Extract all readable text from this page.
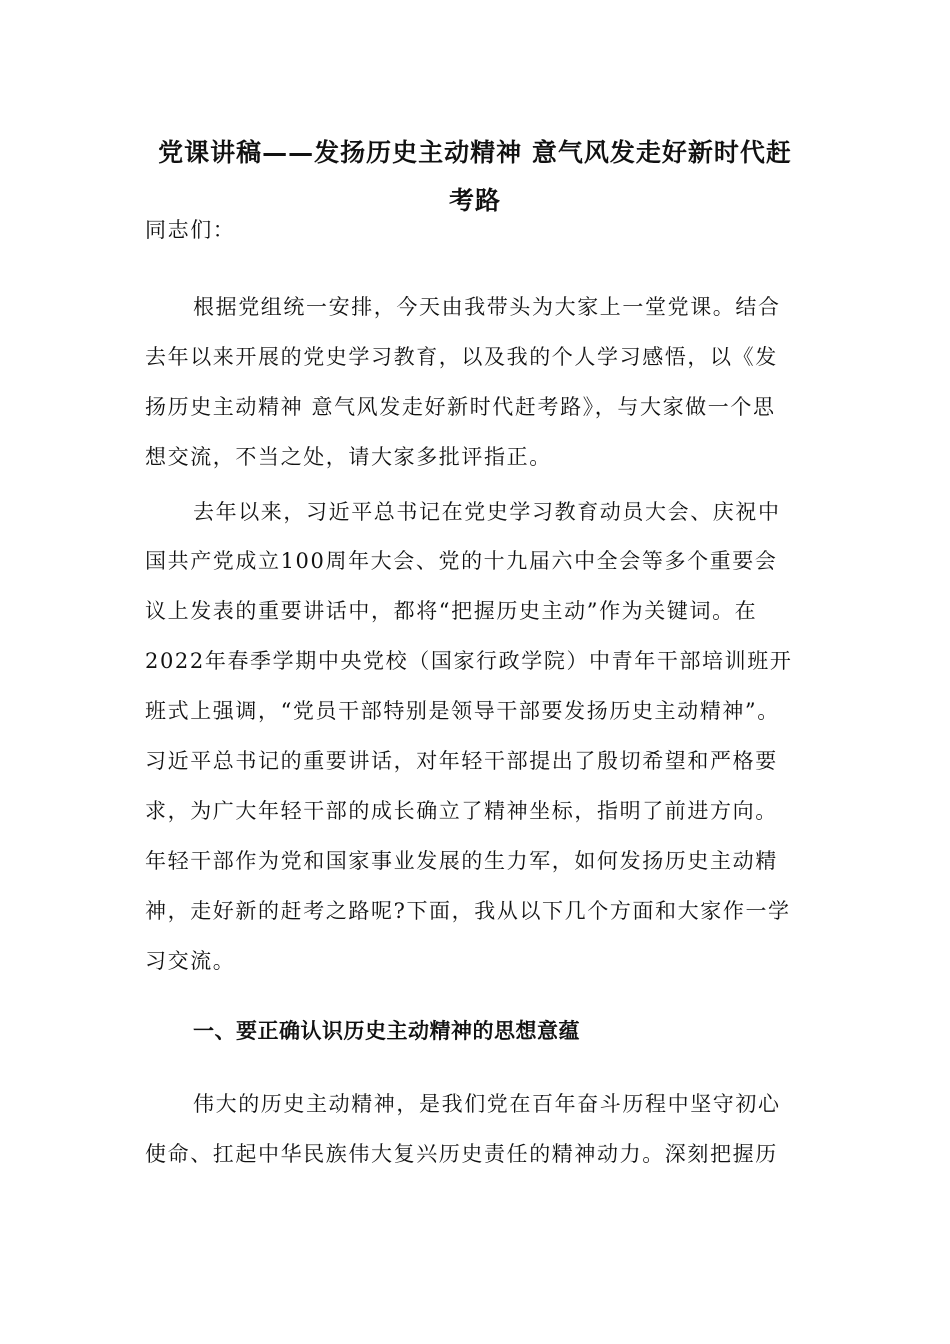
党课讲稿——发扬历史主动精神 意气风发走好新时代赶
考路
同志们：
根据党组统一安排，今天由我带头为大家上一堂党课。结合
去年以来开展的党史学习教育，以及我的个人学习感悟，以《发
扬历史主动精神 意气风发走好新时代赶考路》，与大家做一个思
想交流，不当之处，请大家多批评指正。
去年以来，习近平总书记在党史学习教育动员大会、庆祝中
国共产党成立100周年大会、党的十九届六中全会等多个重要会
议上发表的重要讲话中，都将“把握历史主动”作为关键词。在
2022年春季学期中央党校（国家行政学院）中青年干部培训班开
班式上强调，“党员干部特别是领导干部要发扬历史主动精神”。
习近平总书记的重要讲话，对年轻干部提出了殷切希望和严格要
求，为广大年轻干部的成长确立了精神坐标，指明了前进方向。
年轻干部作为党和国家事业发展的生力军，如何发扬历史主动精
神，走好新的赶考之路呢?下面，我从以下几个方面和大家作一学
习交流。
一、要正确认识历史主动精神的思想意蕴
伟大的历史主动精神，是我们党在百年奋斗历程中坚守初心
使命、扛起中华民族伟大复兴历史责任的精神动力。深刻把握历
